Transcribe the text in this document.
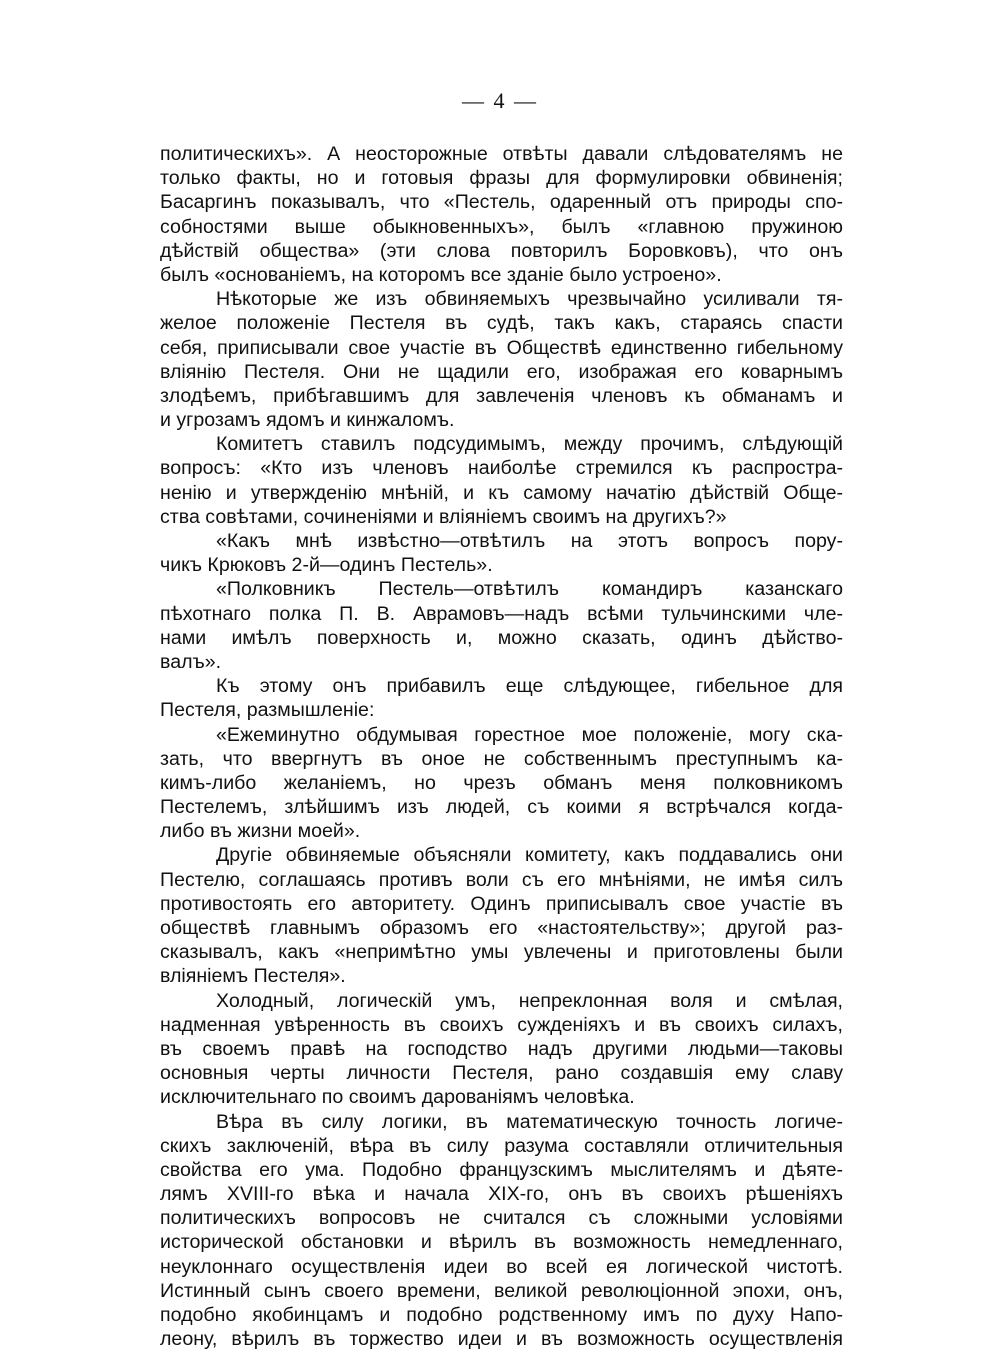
— 4 —
политическихъ». А неосторожные отвѣты давали слѣдователямъ не
только факты, но и готовыя фразы для формулировки обвиненія;
Басаргинъ показывалъ, что «Пестель, одаренный отъ природы спо-
собностями выше обыкновенныхъ», былъ «главною пружиною
дѣйствій общества» (эти слова повторилъ Боровковъ), что онъ
былъ «основаніемъ, на которомъ все зданіе было устроено».
Нѣкоторые же изъ обвиняемыхъ чрезвычайно усиливали тя-
желое положеніе Пестеля въ судѣ, такъ какъ, стараясь спасти
себя, приписывали свое участіе въ Обществѣ единственно гибельному
вліянію Пестеля. Они не щадили его, изображая его коварнымъ
злодѣемъ, прибѣгавшимъ для завлеченія членовъ къ обманамъ и
и угрозамъ ядомъ и кинжаломъ.
Комитетъ ставилъ подсудимымъ, между прочимъ, слѣдующій
вопросъ: «Кто изъ членовъ наиболѣе стремился къ распростра-
ненію и утвержденію мнѣній, и къ самому начатію дѣйствій Обще-
ства совѣтами, сочиненіями и вліяніемъ своимъ на другихъ?»
«Какъ мнѣ извѣстно—отвѣтилъ на этотъ вопросъ пору-
чикъ Крюковъ 2-й—одинъ Пестель».
«Полковникъ Пестель—отвѣтилъ командиръ казанскаго
пѣхотнаго полка П. В. Аврамовъ—надъ всѣми тульчинскими чле-
нами имѣлъ поверхность и, можно сказать, одинъ дѣйство-
валъ».
Къ этому онъ прибавилъ еще слѣдующее, гибельное для
Пестеля, размышленіе:
«Ежеминутно обдумывая горестное мое положеніе, могу ска-
зать, что ввергнутъ въ оное не собственнымъ преступнымъ ка-
кимъ-либо желаніемъ, но чрезъ обманъ меня полковникомъ
Пестелемъ, злѣйшимъ изъ людей, съ коими я встрѣчался когда-
либо въ жизни моей».
Другіе обвиняемые объясняли комитету, какъ поддавались они
Пестелю, соглашаясь противъ воли съ его мнѣніями, не имѣя силъ
противостоять его авторитету. Одинъ приписывалъ свое участіе въ
обществѣ главнымъ образомъ его «настоятельству»; другой раз-
сказывалъ, какъ «непримѣтно умы увлечены и приготовлены были
вліяніемъ Пестеля».
Холодный, логическій умъ, непреклонная воля и смѣлая,
надменная увѣренность въ своихъ сужденіяхъ и въ своихъ силахъ,
въ своемъ правѣ на господство надъ другими людьми—таковы
основныя черты личности Пестеля, рано создавшія ему славу
исключительнаго по своимъ дарованіямъ человѣка.
Вѣра въ силу логики, въ математическую точность логиче-
скихъ заключеній, вѣра въ силу разума составляли отличительныя
свойства его ума. Подобно французскимъ мыслителямъ и дѣяте-
лямъ XVIII-го вѣка и начала XIX-го, онъ въ своихъ рѣшеніяхъ
политическихъ вопросовъ не считался съ сложными условіями
исторической обстановки и вѣрилъ въ возможность немедленнаго,
неуклоннаго осуществленія идеи во всей ея логической чистотѣ.
Истинный сынъ своего времени, великой революціонной эпохи, онъ,
подобно якобинцамъ и подобно родственному имъ по духу Напо-
леону, вѣрилъ въ торжество идеи и въ возможность осуществленія
